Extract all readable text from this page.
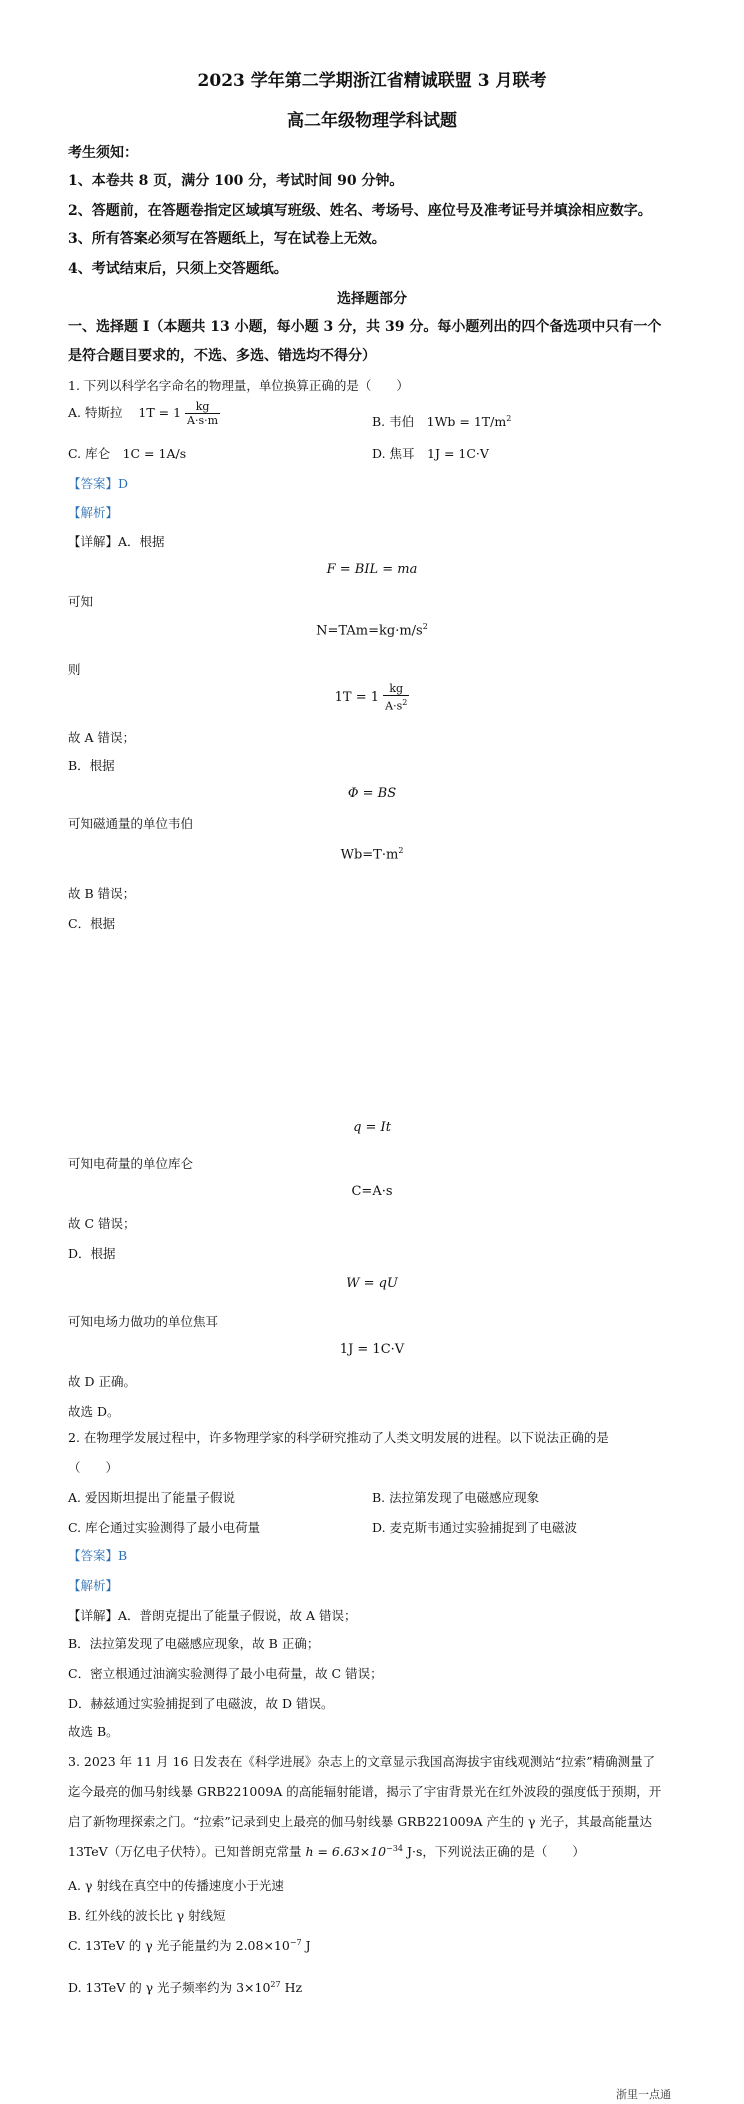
2023 学年第二学期浙江省精诚联盟 3 月联考
高二年级物理学科试题
考生须知：
1、本卷共 8 页，满分 100 分，考试时间 90 分钟。
2、答题前，在答题卷指定区域填写班级、姓名、考场号、座位号及准考证号并填涂相应数字。
3、所有答案必须写在答题纸上，写在试卷上无效。
4、考试结束后，只须上交答题纸。
选择题部分
一、选择题 Ⅰ（本题共 13 小题，每小题 3 分，共 39 分。每小题列出的四个备选项中只有一个
是符合题目要求的，不选、多选、错选均不得分）
1. 下列以科学名字命名的物理量，单位换算正确的是（　　）
A. 特斯拉 $1T = 1 \frac{kg}{A\cdot s\cdot m}$	B. 韦伯　$1Wb = 1T/m^2$
C. 库仑　1C = 1A/s	D. 焦耳　1J = 1C·V
【答案】D
【解析】
【详解】A．根据
F = BIL = ma
可知
$N=TAm=kg\cdot m/s^2$
则
$1T = 1 \frac{kg}{A\cdot s^2}$
故 A 错误；
B．根据
Φ = BS
可知磁通量的单位韦伯
$Wb=T\cdot m^2$
故 B 错误；
C．根据
q = It
可知电荷量的单位库仑
C=A·s
故 C 错误；
D．根据
W = qU
可知电场力做功的单位焦耳
1J = 1C·V
故 D 正确。
故选 D。
2. 在物理学发展过程中，许多物理学家的科学研究推动了人类文明发展的进程。以下说法正确的是
（　　）
A. 爱因斯坦提出了能量子假说	B. 法拉第发现了电磁感应现象
C. 库仑通过实验测得了最小电荷量	D. 麦克斯韦通过实验捕捉到了电磁波
【答案】B
【解析】
【详解】A．普朗克提出了能量子假说，故 A 错误；
B．法拉第发现了电磁感应现象，故 B 正确；
C．密立根通过油滴实验测得了最小电荷量，故 C 错误；
D．赫兹通过实验捕捉到了电磁波，故 D 错误。
故选 B。
3. 2023 年 11 月 16 日发表在《科学进展》杂志上的文章显示我国高海拔宇宙线观测站“拉索”精确测量了
迄今最亮的伽马射线暴 GRB221009A 的高能辐射能谱，揭示了宇宙背景光在红外波段的强度低于预期，开
启了新物理探索之门。“拉索”记录到史上最亮的伽马射线暴 GRB221009A 产生的 γ 光子，其最高能量达
13TeV（万亿电子伏特）。已知普朗克常量 $h = 6.63\times 10^{-34}$ J·s，下列说法正确的是（　　）
A. γ 射线在真空中的传播速度小于光速
B. 红外线的波长比 γ 射线短
C. 13TeV 的 γ 光子能量约为 $2.08\times 10^{-7}$ J
D. 13TeV 的 γ 光子频率约为 $3\times 10^{27}$ Hz
浙里一点通
